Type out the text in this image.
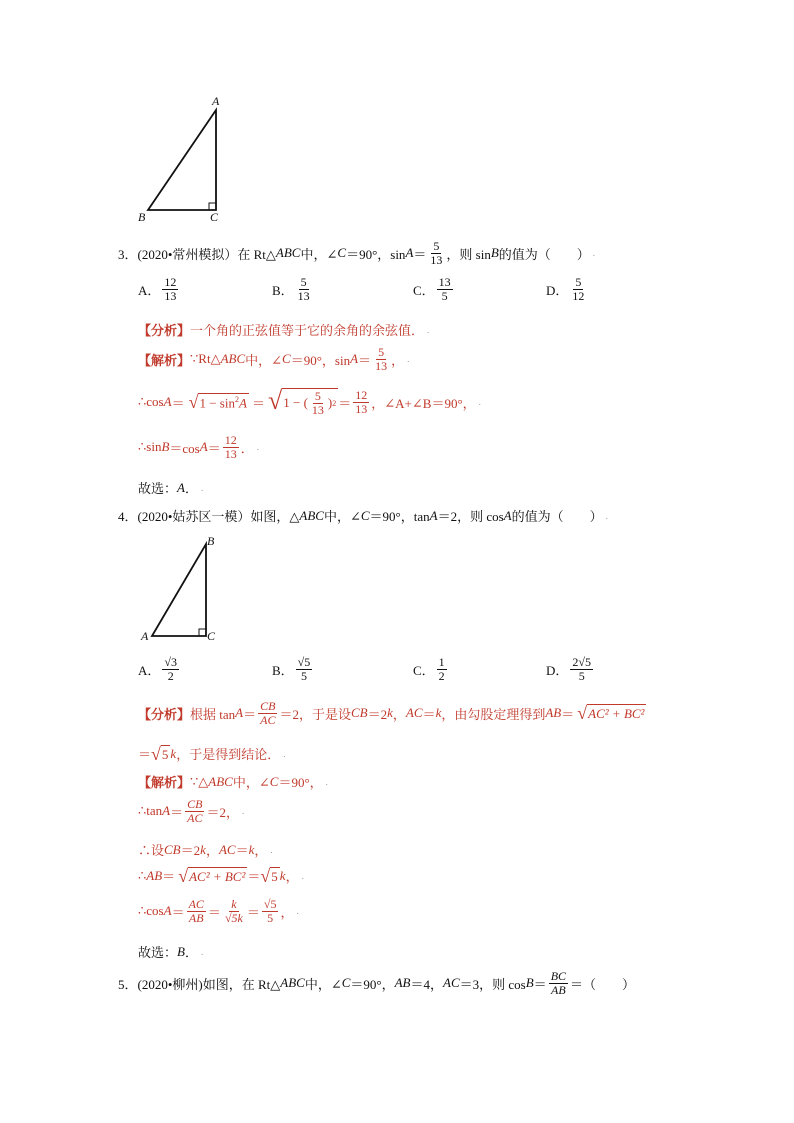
A
B	C
3．(2020•常州模拟）在 Rt△ ABC 中，∠ C ＝90°，$\sin A = \frac{5}{13}$ ，则 sin B 的值为（　　） .
A． $\frac{12}{13}$	B． $\frac{5}{13}$	C． $\frac{13}{5}$	D． $\frac{5}{12}$
【分析】 一个角的正弦值等于它的余角的余弦值． .
【解析】 ∵Rt△ ABC 中，∠ C ＝90°，$\sin A = \frac{5}{13}$ ， .
∴cos A ＝ √ $1 - \sin^2A$ ＝ √ 1 − ( $\frac{5}{13}$ ) $2 = \frac{12}{13}$ ，∠A+∠B＝90°， .
∴sin B ＝cos $A = \frac{12}{13}$ ． .
故选： A ． .
4．(2020•姑苏区一模）如图，△ ABC 中，∠ C ＝90°，tan A ＝2，则 cos A 的值为（　　） .
B
A	C
A． $\frac{√3}{2}$	B． $\frac{√5}{5}$	C． $\frac{1}{2}$	D． $\frac{2√5}{5}$
【分析】 根据 $\tan A = \frac{CB}{AC} =2$，于是设 CB ＝2 k ， AC ＝ k ，由勾股定理得到 AB ＝ √ AC² + BC²
＝ √ 5 k ，于是得到结论． .
【解析】 ∵△ ABC 中，∠ C ＝90°， .
∴tan $A = \frac{CB}{AC} =2$， .
∴设 CB ＝2 k ， AC ＝ k ， .
∴ AB ＝ √ AC² + BC² ＝ √ 5 k ， .
∴cos $A = \frac{AC}{AB} = \frac{k}{√5k} = \frac{√5}{5}$ ， .
故选： B ． .
5．(2020•柳州)如图，在 Rt△ ABC 中，∠ C ＝90°， AB ＝4， AC ＝3，则 $\cos B = \frac{BC}{AB}$ ＝（　　）
